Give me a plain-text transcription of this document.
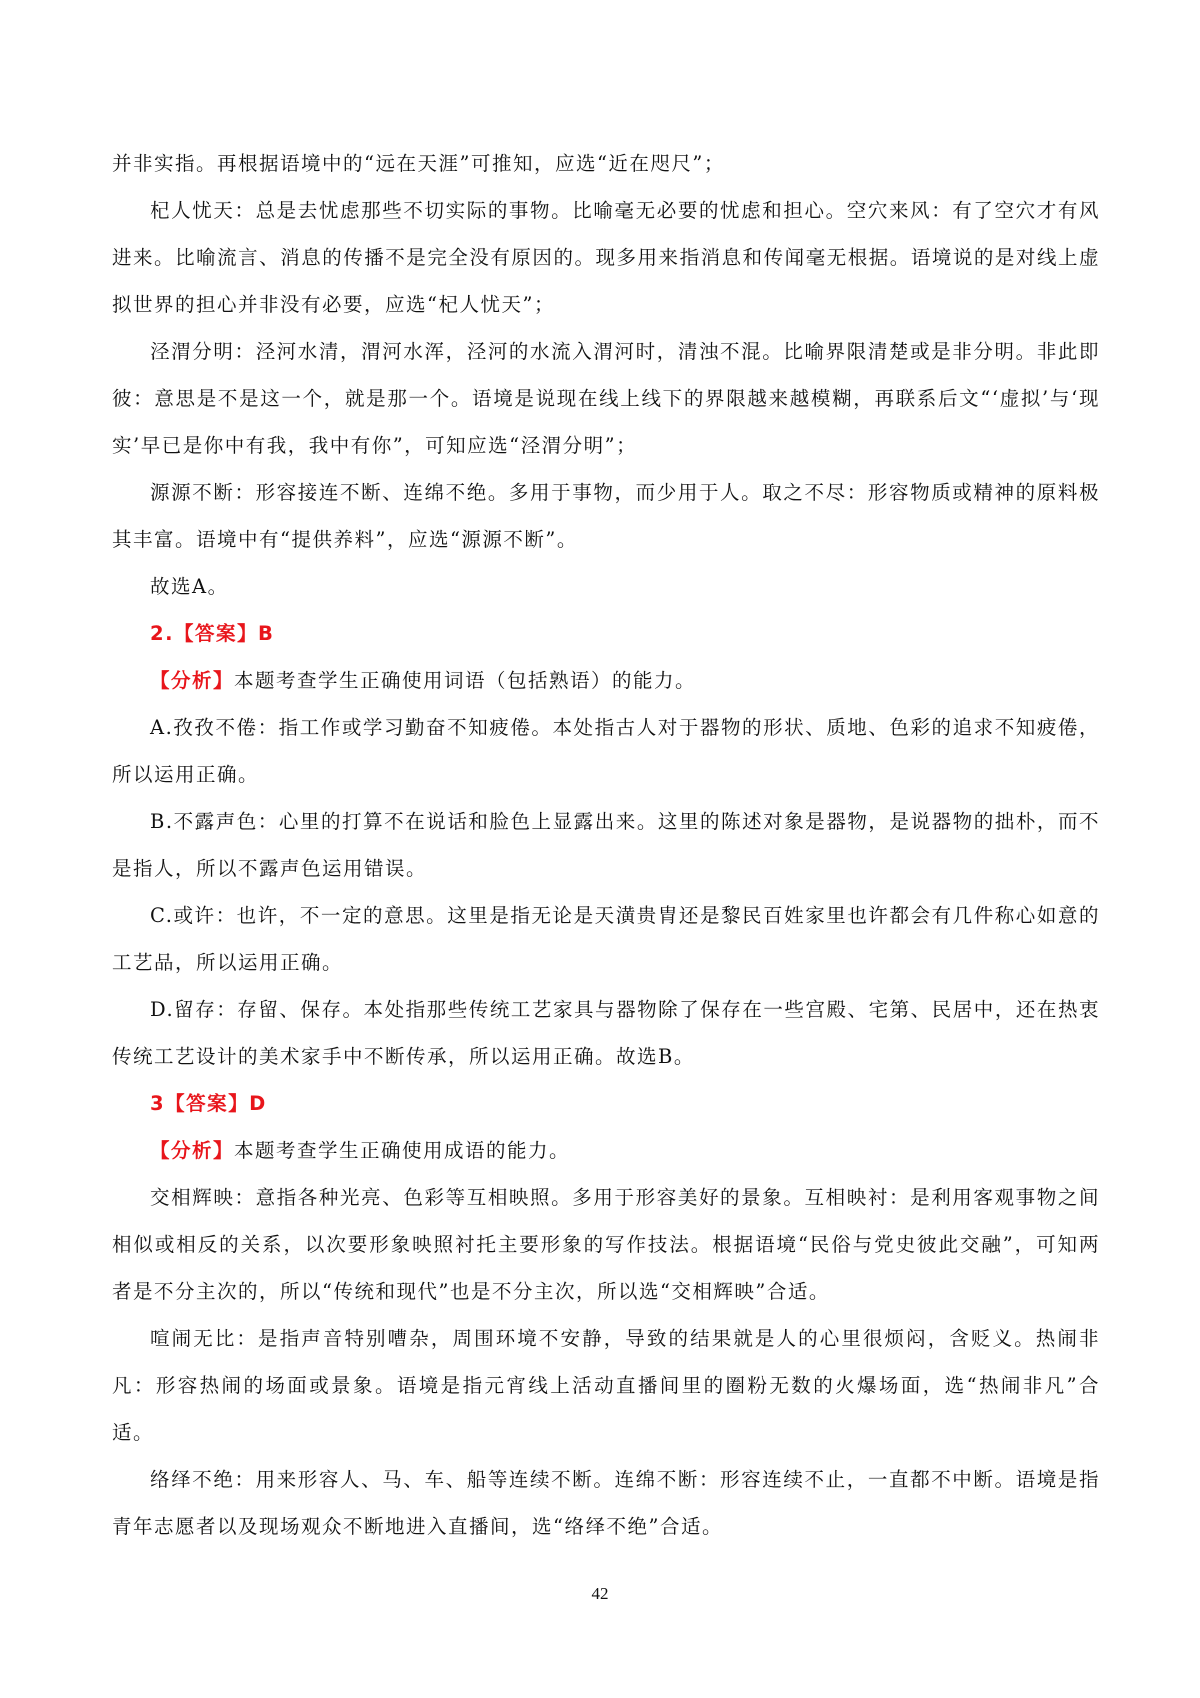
并非实指。再根据语境中的“远在天涯”可推知，应选“近在咫尺”；

杞人忧天：总是去忧虑那些不切实际的事物。比喻毫无必要的忧虑和担心。空穴来风：有了空穴才有风进来。比喻流言、消息的传播不是完全没有原因的。现多用来指消息和传闻毫无根据。语境说的是对线上虚拟世界的担心并非没有必要，应选“杞人忧天”；

泾渭分明：泾河水清，渭河水浑，泾河的水流入渭河时，清浊不混。比喻界限清楚或是非分明。非此即彼：意思是不是这一个，就是那一个。语境是说现在线上线下的界限越来越模糊，再联系后文“‘虚拟’与‘现实’早已是你中有我，我中有你”，可知应选“泾渭分明”；

源源不断：形容接连不断、连绵不绝。多用于事物，而少用于人。取之不尽：形容物质或精神的原料极其丰富。语境中有“提供养料”，应选“源源不断”。

故选A。

2.【答案】B

【分析】本题考查学生正确使用词语（包括熟语）的能力。

A.孜孜不倦：指工作或学习勤奋不知疲倦。本处指古人对于器物的形状、质地、色彩的追求不知疲倦，所以运用正确。

B.不露声色：心里的打算不在说话和脸色上显露出来。这里的陈述对象是器物，是说器物的拙朴，而不是指人，所以不露声色运用错误。

C.或许：也许，不一定的意思。这里是指无论是天潢贵胄还是黎民百姓家里也许都会有几件称心如意的工艺品，所以运用正确。

D.留存：存留、保存。本处指那些传统工艺家具与器物除了保存在一些宫殿、宅第、民居中，还在热衷传统工艺设计的美术家手中不断传承，所以运用正确。故选B。

3【答案】D

【分析】本题考查学生正确使用成语的能力。

交相辉映：意指各种光亮、色彩等互相映照。多用于形容美好的景象。互相映衬：是利用客观事物之间相似或相反的关系，以次要形象映照衬托主要形象的写作技法。根据语境“民俗与党史彼此交融”，可知两者是不分主次的，所以“传统和现代”也是不分主次，所以选“交相辉映”合适。

喧闹无比：是指声音特别嘈杂，周围环境不安静，导致的结果就是人的心里很烦闷，含贬义。热闹非凡：形容热闹的场面或景象。语境是指元宵线上活动直播间里的圈粉无数的火爆场面，选“热闹非凡”合适。

络绎不绝：用来形容人、马、车、船等连续不断。连绵不断：形容连续不止，一直都不中断。语境是指青年志愿者以及现场观众不断地进入直播间，选“络绎不绝”合适。

42
